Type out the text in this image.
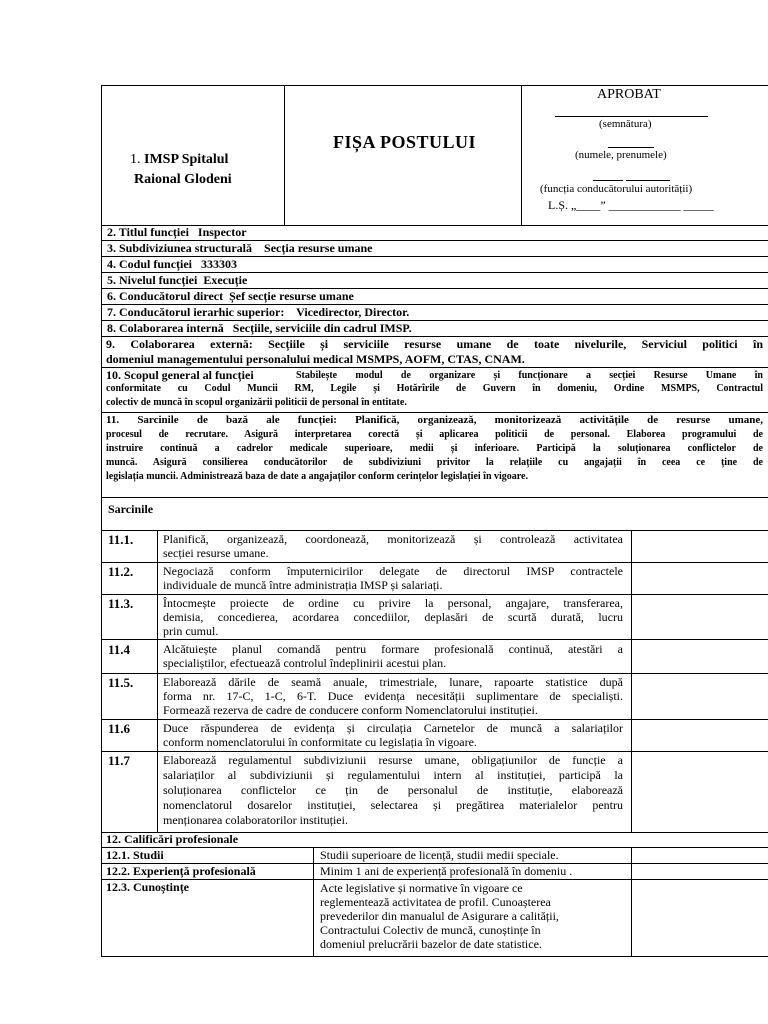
1. IMSP Spitalul
Raional Glodeni
FIȘA POSTULUI
APROBAT
(semnătura)
(numele, prenumele)
(funcția conducătorului autorității)
L.Ș. „____” ____________ _____
2. Titlul funcției Inspector
3. Subdiviziunea structurală Secția resurse umane
4. Codul funcției 333303
5. Nivelul funcției Execuție
6. Conducătorul direct Șef secție resurse umane
7. Conducătorul ierarhic superior: Vicedirector, Director.
8. Colaborarea internă Secțiile, serviciile din cadrul IMSP.
9. Colaborarea externă: Secțiile și serviciile resurse umane de toate nivelurile, Serviciul politici în
domeniul managementului personalului medical MSMPS, AOFM, CTAS, CNAM.
10. Scopul general al funcției	Stabilește modul de organizare și funcționare a secției Resurse Umane în
conformitate cu Codul Muncii RM, Legile și Hotărîrile de Guvern în domeniu, Ordine MSMPS, Contractul
colectiv de muncă în scopul organizării politicii de personal în entitate.
11. Sarcinile de bază ale funcției: Planifică, organizează, monitorizează activitățile de resurse umane,
procesul de recrutare. Asigură interpretarea corectă și aplicarea politicii de personal. Elaborea programului de
instruire continuă a cadrelor medicale superioare, medii și inferioare. Participă la soluționarea conflictelor de
muncă. Asigură consilierea conducătorilor de subdiviziuni privitor la relațiile cu angajații în ceea ce ține de
legislația muncii. Administrează baza de date a angajaților conform cerințelor legislației în vigoare.
Sarcinile
11.1. Planifică, organizează, coordonează, monitorizează și controlează activitatea
secției resurse umane.
11.2. Negociază conform împuternicirilor delegate de directorul IMSP contractele
individuale de muncă între administrația IMSP și salariați.
11.3. Întocmește proiecte de ordine cu privire la personal, angajare, transferarea,
demisia, concedierea, acordarea concediilor, deplasări de scurtă durată, lucru
prin cumul.
11.4	Alcătuiește planul comandă pentru formare profesională continuă, atestări a
specialiștilor, efectuează controlul îndeplinirii acestui plan.
11.5. Elaborează dările de seamă anuale, trimestriale, lunare, rapoarte statistice după
forma nr. 17-C, 1-C, 6-T. Duce evidența necesității suplimentare de specialiști.
Formează rezerva de cadre de conducere conform Nomenclatorului instituției.
11.6	Duce răspunderea de evidența și circulația Carnetelor de muncă a salariaților
conform nomenclatorului în conformitate cu legislația în vigoare.
11.7	Elaborează regulamentul subdiviziunii resurse umane, obligațiunilor de funcție a
salariaților al subdiviziunii și regulamentului intern al instituției, participă la
soluționarea conflictelor ce țin de personalul de instituție, elaborează
nomenclatorul dosarelor instituției, selectarea și pregătirea materialelor pentru
menționarea colaboratorilor instituției.
12. Calificări profesionale
12.1. Studii	Studii superioare de licență, studii medii speciale.
12.2. Experiență profesională	Minim 1 ani de experiență profesională în domeniu .
12.3. Cunoștințe	Acte legislative și normative în vigoare ce
reglementează activitatea de profil. Cunoașterea
prevederilor din manualul de Asigurare a calității,
Contractului Colectiv de muncă, cunoștințe în
domeniul prelucrării bazelor de date statistice.
